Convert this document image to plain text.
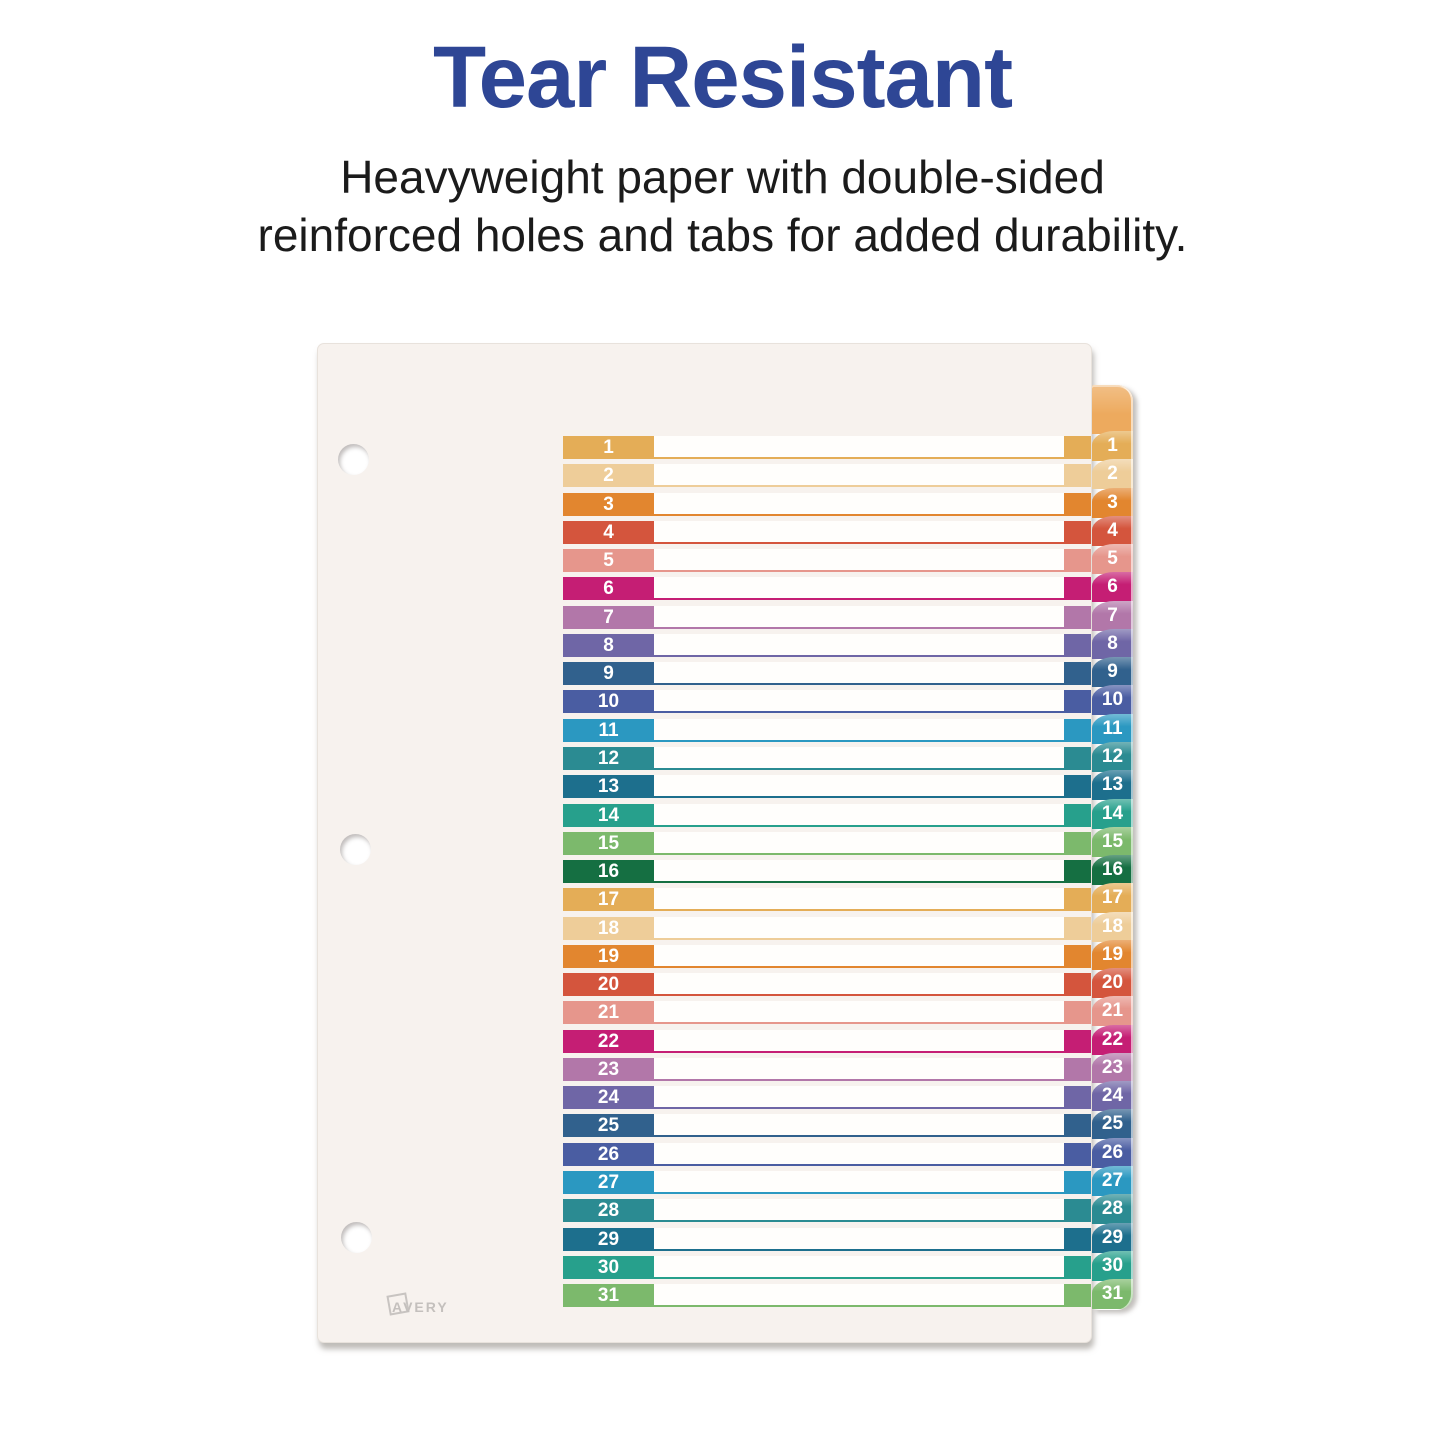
Tear Resistant

Heavyweight paper with double-sided

reinforced holes and tabs for added durability.

1
2
3
4
5
6
7
8
9
10
11
12
13
14
15
16
17
18
19
20
21
22
23
24
25
26
27
28
29
30
31
AVERY
1
2
3
4
5
6
7
8
9
10
11
12
13
14
15
16
17
18
19
20
21
22
23
24
25
26
27
28
29
30
31
